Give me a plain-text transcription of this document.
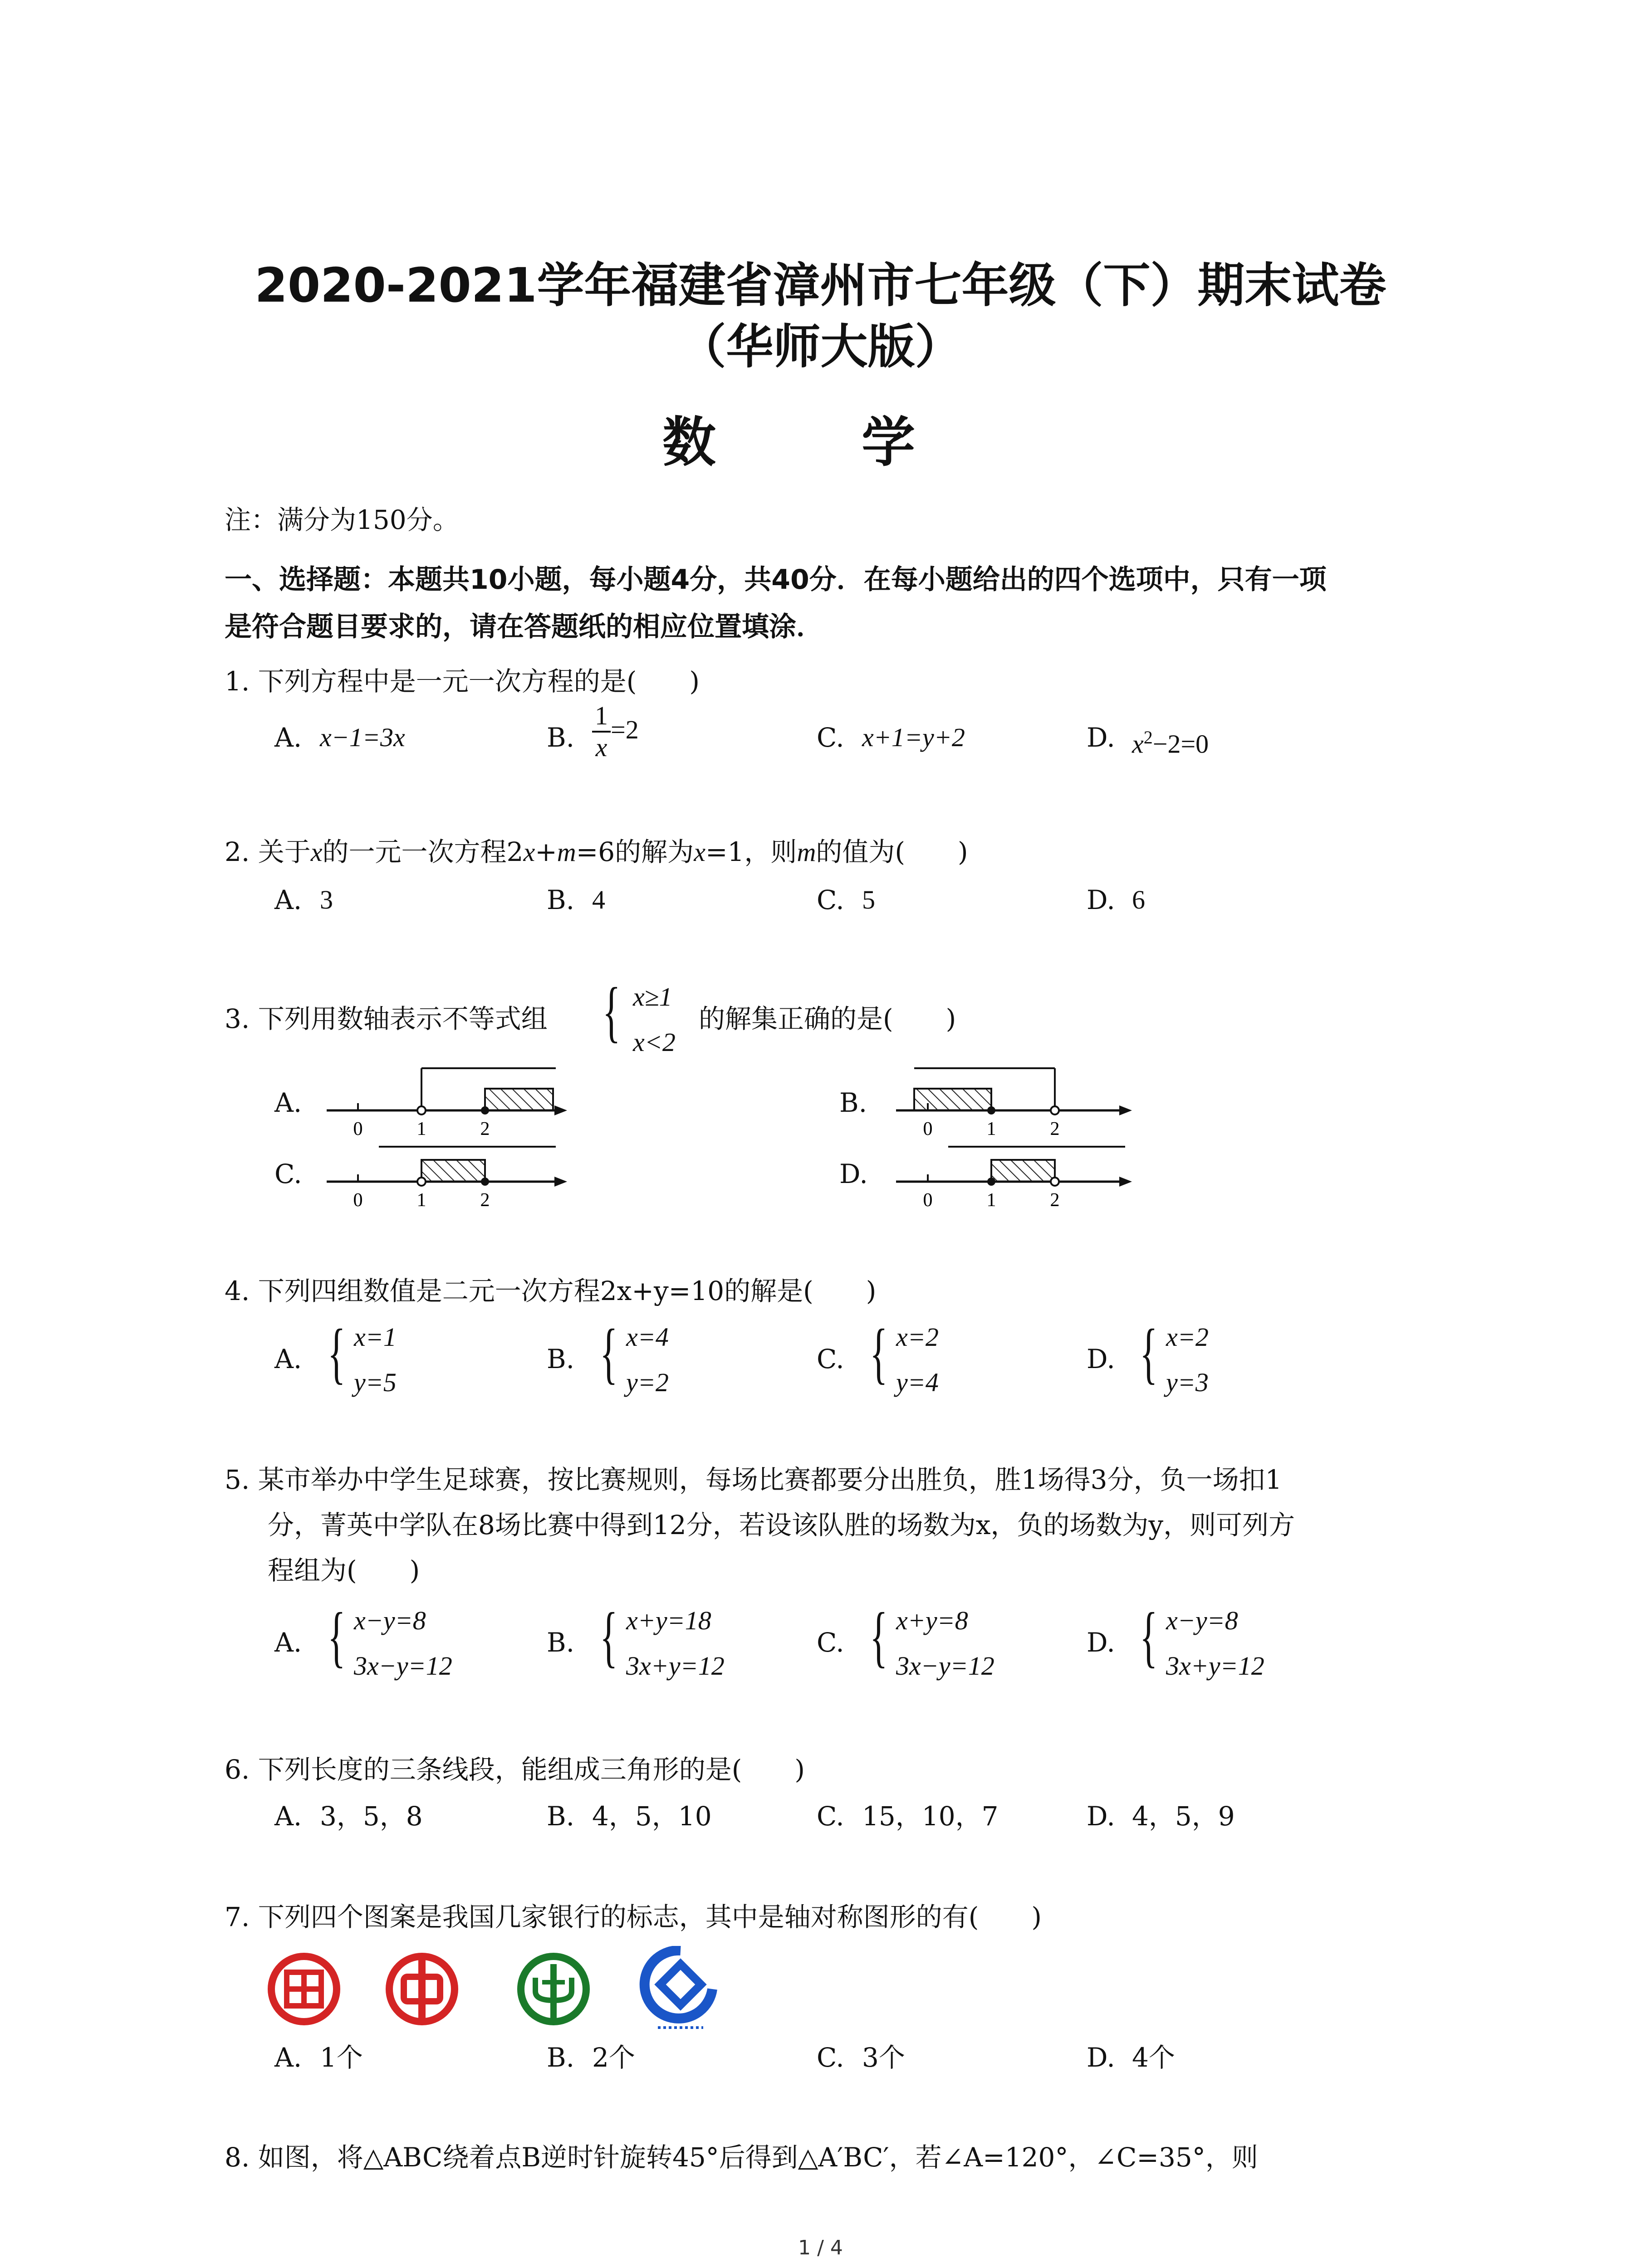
2020-2021学年福建省漳州市七年级（下）期末试卷
（华师大版）
数 学
注：满分为150分。
一、选择题：本题共10小题，每小题4分，共40分．在每小题给出的四个选项中，只有一项
是符合题目要求的，请在答题纸的相应位置填涂．
1. 下列方程中是一元一次方程的是(　　)
A. x−1=3x	B. $\frac{1}{x} =2$	C. x+1=y+2	D. $x^2-2=0$
2. 关于x的一元一次方程2x+m=6的解为x=1，则m的值为(　　)
A. 3	B. 4	C. 5	D. 6
3. 下列用数轴表示不等式组 { x≥1
x<2
的解集正确的是(　　)
A.	B.
C.	D.
0	1	2	0	1	2
0	1	2	0	1	2
4. 下列四组数值是二元一次方程2x+y=10的解是(　　)
A. { x=1
y=5
B. { x=4
y=2
C. { x=2
y=4
D. { x=2
y=3
5. 某市举办中学生足球赛，按比赛规则，每场比赛都要分出胜负，胜1场得3分，负一场扣1
分，菁英中学队在8场比赛中得到12分，若设该队胜的场数为x，负的场数为y，则可列方
程组为(　　)
A. { x−y=8
3x−y=12
B. { x+y=18
3x+y=12
C. { x+y=8
3x−y=12
D. { x−y=8
3x+y=12
6. 下列长度的三条线段，能组成三角形的是(　　)
A. 3，5，8	B. 4，5，10	C. 15，10，7	D. 4，5，9
7. 下列四个图案是我国几家银行的标志，其中是轴对称图形的有(　　)
A. 1个	B. 2个	C. 3个	D. 4个
8. 如图，将△ABC绕着点B逆时针旋转45°后得到△A′BC′，若∠A=120°，∠C=35°，则
1 / 4
